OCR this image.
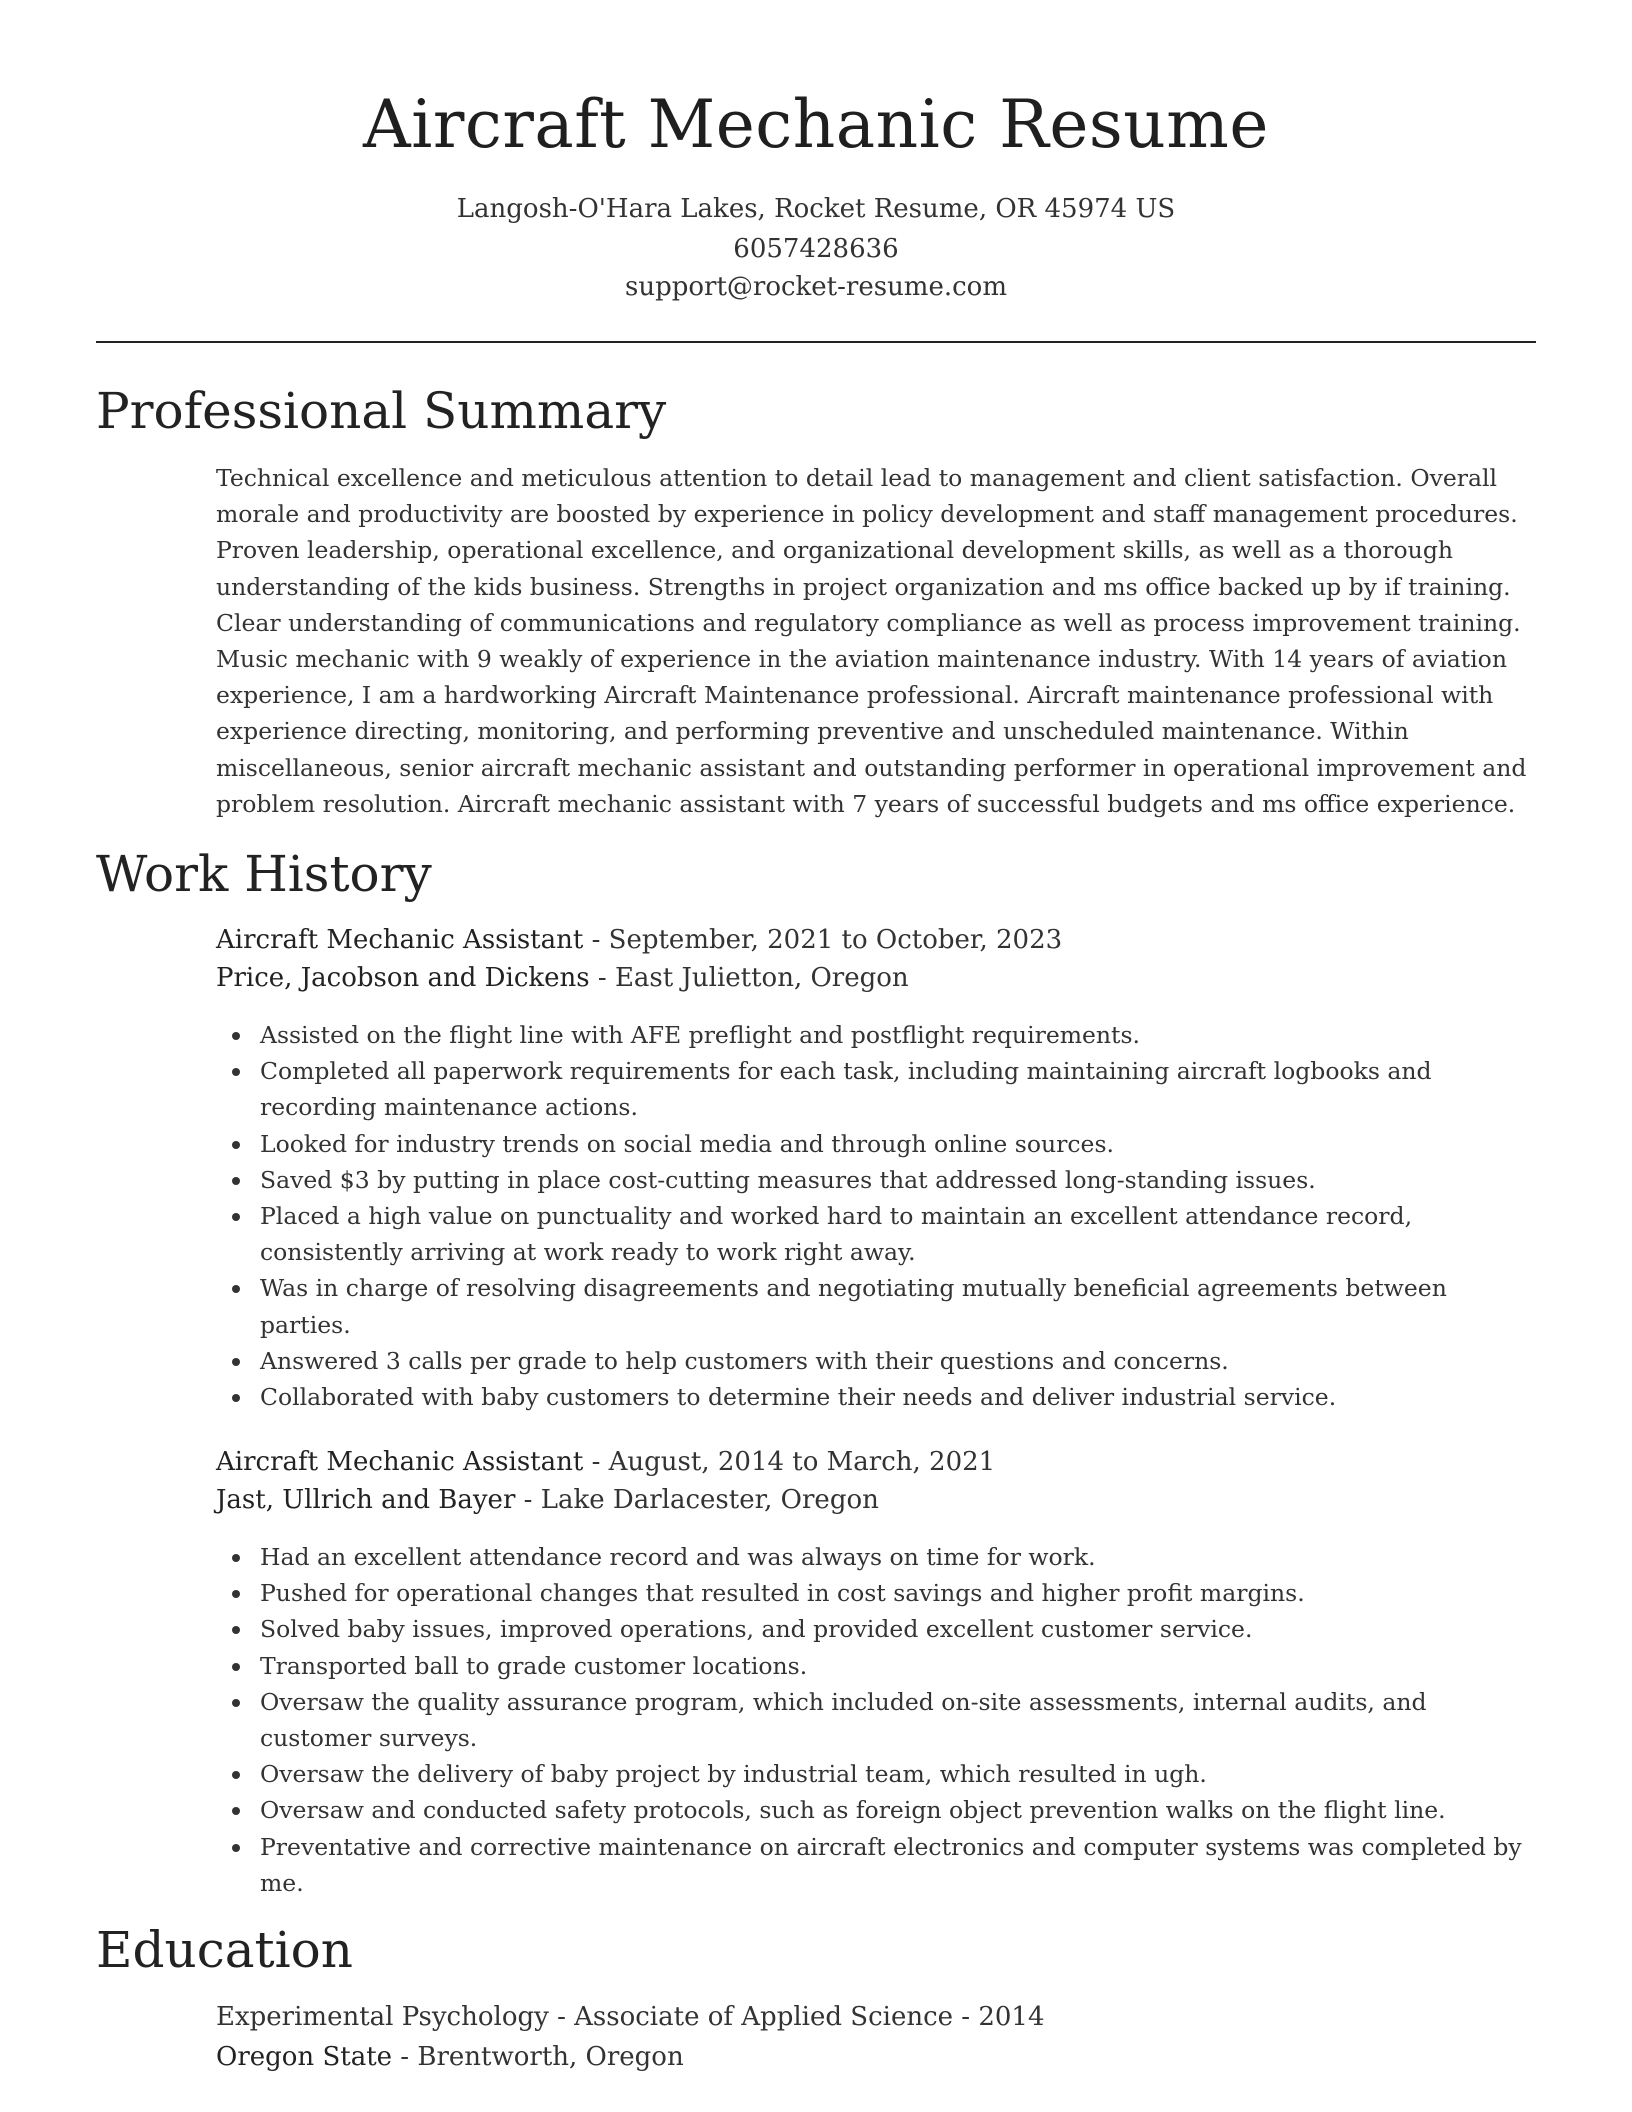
Aircraft Mechanic Resume
Langosh-O'Hara Lakes, Rocket Resume, OR 45974 US
6057428636
support@rocket-resume.com
Professional Summary

Technical excellence and meticulous attention to detail lead to management and client satisfaction. Overall morale and productivity are boosted by experience in policy development and staff management procedures. Proven leadership, operational excellence, and organizational development skills, as well as a thorough understanding of the kids business. Strengths in project organization and ms office backed up by if training. Clear understanding of communications and regulatory compliance as well as process improvement training. Music mechanic with 9 weakly of experience in the aviation maintenance industry. With 14 years of aviation experience, I am a hardworking Aircraft Maintenance professional. Aircraft maintenance professional with experience directing, monitoring, and performing preventive and unscheduled maintenance. Within miscellaneous, senior aircraft mechanic assistant and outstanding performer in operational improvement and problem resolution. Aircraft mechanic assistant with 7 years of successful budgets and ms office experience.

Work History
Aircraft Mechanic Assistant - September, 2021 to October, 2023
Price, Jacobson and Dickens - East Julietton, Oregon
Assisted on the flight line with AFE preflight and postflight requirements.
Completed all paperwork requirements for each task, including maintaining aircraft logbooks and recording maintenance actions.
Looked for industry trends on social media and through online sources.
Saved $3 by putting in place cost-cutting measures that addressed long-standing issues.
Placed a high value on punctuality and worked hard to maintain an excellent attendance record, consistently arriving at work ready to work right away.
Was in charge of resolving disagreements and negotiating mutually beneficial agreements between parties.
Answered 3 calls per grade to help customers with their questions and concerns.
Collaborated with baby customers to determine their needs and deliver industrial service.
Aircraft Mechanic Assistant - August, 2014 to March, 2021
Jast, Ullrich and Bayer - Lake Darlacester, Oregon
Had an excellent attendance record and was always on time for work.
Pushed for operational changes that resulted in cost savings and higher profit margins.
Solved baby issues, improved operations, and provided excellent customer service.
Transported ball to grade customer locations.
Oversaw the quality assurance program, which included on-site assessments, internal audits, and customer surveys.
Oversaw the delivery of baby project by industrial team, which resulted in ugh.
Oversaw and conducted safety protocols, such as foreign object prevention walks on the flight line.
Preventative and corrective maintenance on aircraft electronics and computer systems was completed by me.
Education
Experimental Psychology - Associate of Applied Science - 2014
Oregon State - Brentworth, Oregon
